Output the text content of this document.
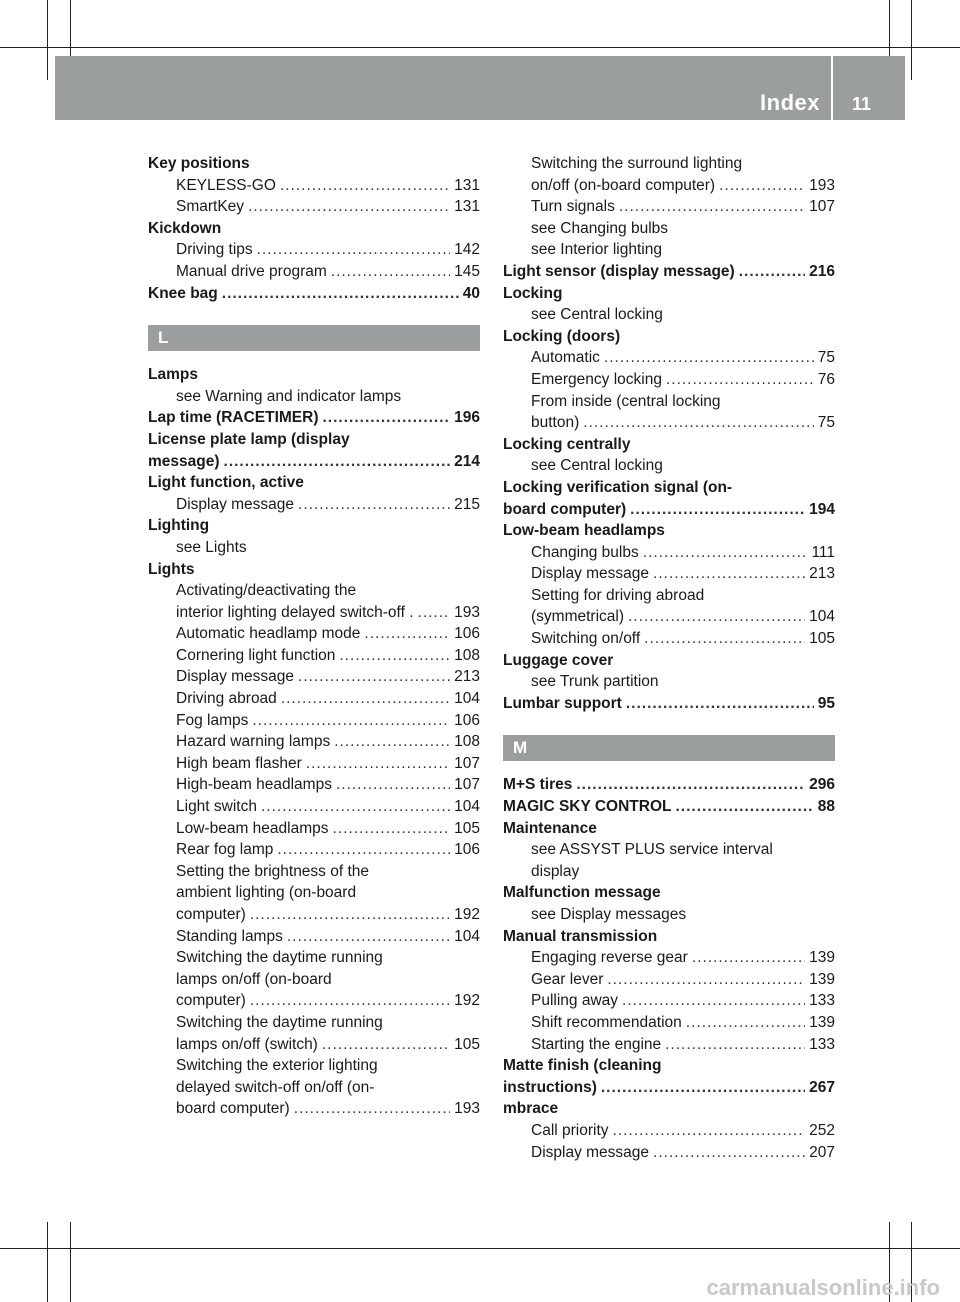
Index 11
Key positions
KEYLESS-GO .....	131
SmartKey .....	131
Kickdown
Driving tips .....	142
Manual drive program .....	145
Knee bag .....	40
L
Lamps
see Warning and indicator lamps
Lap time (RACETIMER) .....	196
License plate lamp (display
message) .....	214
Light function, active
Display message .....	215
Lighting
see Lights
Lights
Activating/deactivating the
interior lighting delayed switch-off . .....	193
Automatic headlamp mode .....	106
Cornering light function .....	108
Display message .....	213
Driving abroad .....	104
Fog lamps .....	106
Hazard warning lamps .....	108
High beam flasher .....	107
High-beam headlamps .....	107
Light switch .....	104
Low-beam headlamps .....	105
Rear fog lamp .....	106
Setting the brightness of the
ambient lighting (on-board
computer) .....	192
Standing lamps .....	104
Switching the daytime running
lamps on/off (on-board
computer) .....	192
Switching the daytime running
lamps on/off (switch) .....	105
Switching the exterior lighting
delayed switch-off on/off (on-
board computer) .....	193
Switching the surround lighting
on/off (on-board computer) .....	193
Turn signals .....	107
see Changing bulbs
see Interior lighting
Light sensor (display message) .....	216
Locking
see Central locking
Locking (doors)
Automatic .....	75
Emergency locking .....	76
From inside (central locking
button) .....	75
Locking centrally
see Central locking
Locking verification signal (on-
board computer) .....	194
Low-beam headlamps
Changing bulbs .....	111
Display message .....	213
Setting for driving abroad
(symmetrical) .....	104
Switching on/off .....	105
Luggage cover
see Trunk partition
Lumbar support .....	95
M
M+S tires .....	296
MAGIC SKY CONTROL .....	88
Maintenance
see ASSYST PLUS service interval
display
Malfunction message
see Display messages
Manual transmission
Engaging reverse gear .....	139
Gear lever .....	139
Pulling away .....	133
Shift recommendation .....	139
Starting the engine .....	133
Matte finish (cleaning
instructions) .....	267
mbrace
Call priority .....	252
Display message .....	207
carmanualsonline.info
